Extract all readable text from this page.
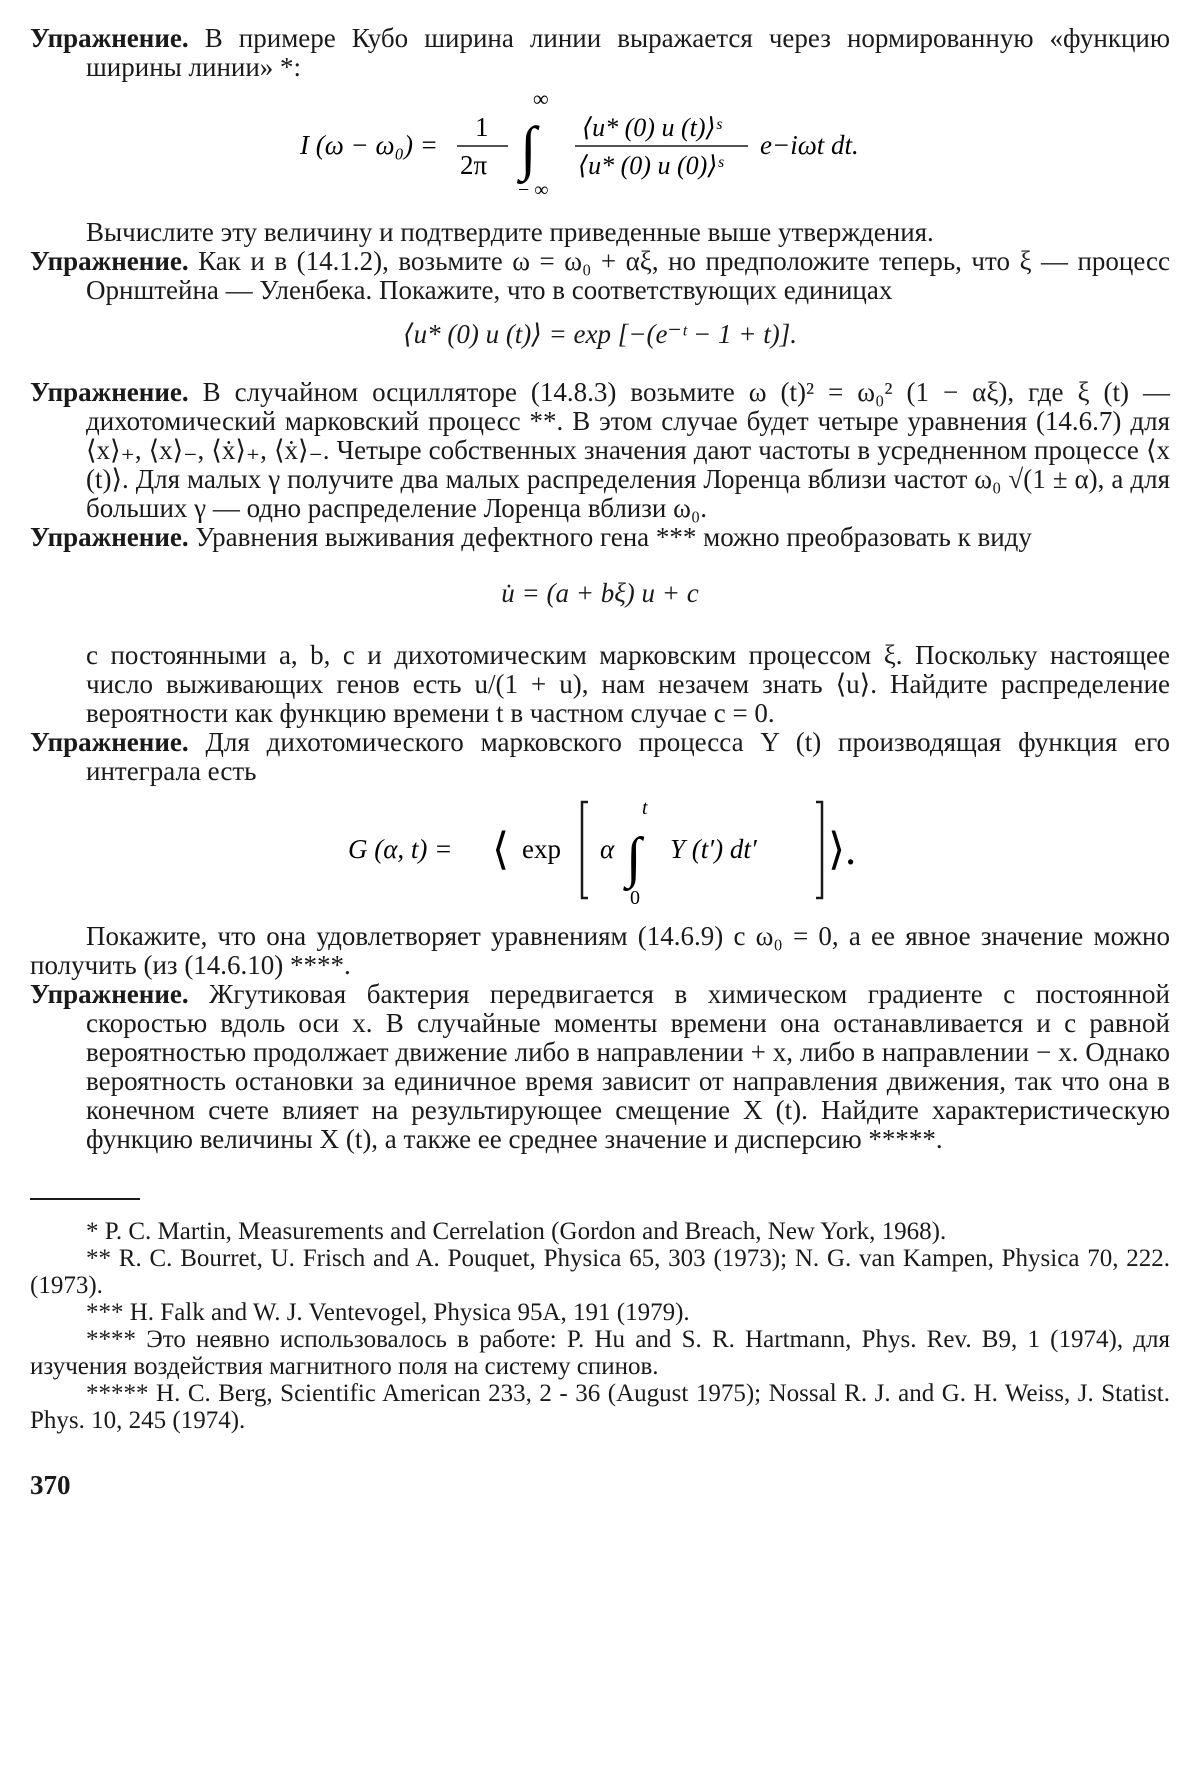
Упражнение. В примере Кубо ширина линии выражается через нормированную «функцию ширины линии» *:

I (ω − ω₀) =
1
2π
∞
∫
− ∞
⟨u* (0) u (t)⟩ˢ
⟨u* (0) u (0)⟩ˢ
e−iωt dt.

Вычислите эту величину и подтвердите приведенные выше утверждения.

Упражнение. Как и в (14.1.2), возьмите ω = ω₀ + αξ, но предположите теперь, что ξ — процесс Орнштейна — Уленбека. Покажите, что в соответствующих единицах

⟨u* (0) u (t)⟩ = exp [−(e⁻ᵗ − 1 + t)].

Упражнение. В случайном осцилляторе (14.8.3) возьмите ω (t)² = ω₀² (1 − αξ), где ξ (t) — дихотомический марковский процесс **. В этом случае будет четыре уравнения (14.6.7) для ⟨x⟩₊, ⟨x⟩₋, ⟨ẋ⟩₊, ⟨ẋ⟩₋. Четыре собственных значения дают частоты в усредненном процессе ⟨x (t)⟩. Для малых γ получите два малых распределения Лоренца вблизи частот ω₀ √(1 ± α), а для больших γ — одно распределение Лоренца вблизи ω₀.

Упражнение. Уравнения выживания дефектного гена *** можно преобразовать к виду

u̇ = (a + bξ) u + c

с постоянными a, b, c и дихотомическим марковским процессом ξ. Поскольку настоящее число выживающих генов есть u/(1 + u), нам незачем знать ⟨u⟩. Найдите распределение вероятности как функцию времени t в частном случае c = 0.

Упражнение. Для дихотомического марковского процесса Y (t) производящая функция его интеграла есть

G (α, t) = ⟨ exp α
t
∫
0
Y (t′) dt′ ⟩.

Покажите, что она удовлетворяет уравнениям (14.6.9) с ω₀ = 0, а ее явное значение можно получить (из (14.6.10) ****.

Упражнение. Жгутиковая бактерия передвигается в химическом градиенте с постоянной скоростью вдоль оси x. В случайные моменты времени она останавливается и с равной вероятностью продолжает движение либо в направлении + x, либо в направлении − x. Однако вероятность остановки за единичное время зависит от направления движения, так что она в конечном счете влияет на результирующее смещение X (t). Найдите характеристическую функцию величины X (t), а также ее среднее значение и дисперсию *****.

* P. C. Martin, Measurements and Cerrelation (Gordon and Breach, New York, 1968).

** R. C. Bourret, U. Frisch and A. Pouquet, Physica 65, 303 (1973); N. G. van Kampen, Physica 70, 222. (1973).

*** H. Falk and W. J. Ventevogel, Physica 95A, 191 (1979).

**** Это неявно использовалось в работе: P. Hu and S. R. Hartmann, Phys. Rev. B9, 1 (1974), для изучения воздействия магнитного поля на систему спинов.

***** H. C. Berg, Scientific American 233, 2 - 36 (August 1975); Nossal R. J. and G. H. Weiss, J. Statist. Phys. 10, 245 (1974).

370
